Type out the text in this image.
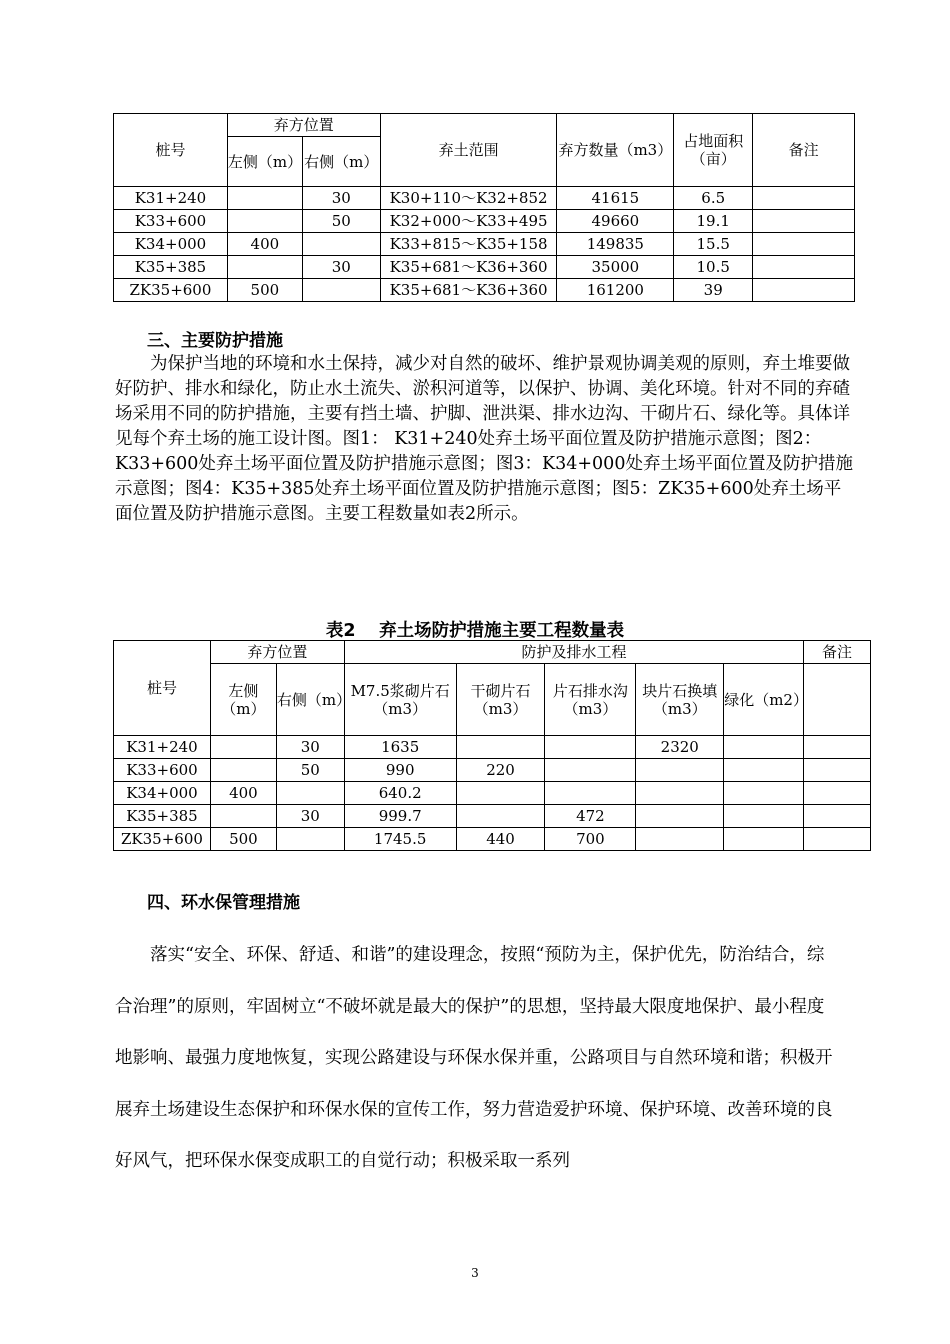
桩号	弃方位置		弃土范围	弃方数量（m3）	占地面积（亩）	备注
	左侧（m）	右侧（m）				
K31+240		30	K30+110～K32+852	41615	6.5	
K33+600		50	K32+000～K33+495	49660	19.1	
K34+000	400		K33+815～K35+158	149835	15.5	
K35+385		30	K35+681～K36+360	35000	10.5	
ZK35+600	500		K35+681～K36+360	161200	39	
三、主要防护措施

为保护当地的环境和水土保持，减少对自然的破坏、维护景观协调美观的原则，弃土堆要做好防护、排水和绿化，防止水土流失、淤积河道等，以保护、协调、美化环境。针对不同的弃碴场采用不同的防护措施，主要有挡土墙、护脚、泄洪渠、排水边沟、干砌片石、绿化等。具体详见每个弃土场的施工设计图。图1： K31+240处弃土场平面位置及防护措施示意图；图2：K33+600处弃土场平面位置及防护措施示意图；图3：K34+000处弃土场平面位置及防护措施示意图；图4：K35+385处弃土场平面位置及防护措施示意图；图5：ZK35+600处弃土场平面位置及防护措施示意图。主要工程数量如表2所示。

表2　 弃土场防护措施主要工程数量表
桩号	弃方位置		防护及排水工程					备注
	左侧（m）	右侧（m）	M7.5浆砌片石（m3）	干砌片石（m3）	片石排水沟（m3）	块片石换填（m3）	绿化（m2）	
K31+240		30	1635			2320		
K33+600		50	990	220				
K34+000	400		640.2					
K35+385		30	999.7		472			
ZK35+600	500		1745.5	440	700			
四、环水保管理措施

落实“安全、环保、舒适、和谐”的建设理念，按照“预防为主，保护优先，防治结合，综合治理”的原则，牢固树立“不破坏就是最大的保护”的思想，坚持最大限度地保护、最小程度地影响、最强力度地恢复，实现公路建设与环保水保并重，公路项目与自然环境和谐；积极开展弃土场建设生态保护和环保水保的宣传工作，努力营造爱护环境、保护环境、改善环境的良好风气，把环保水保变成职工的自觉行动；积极采取一系列

3
